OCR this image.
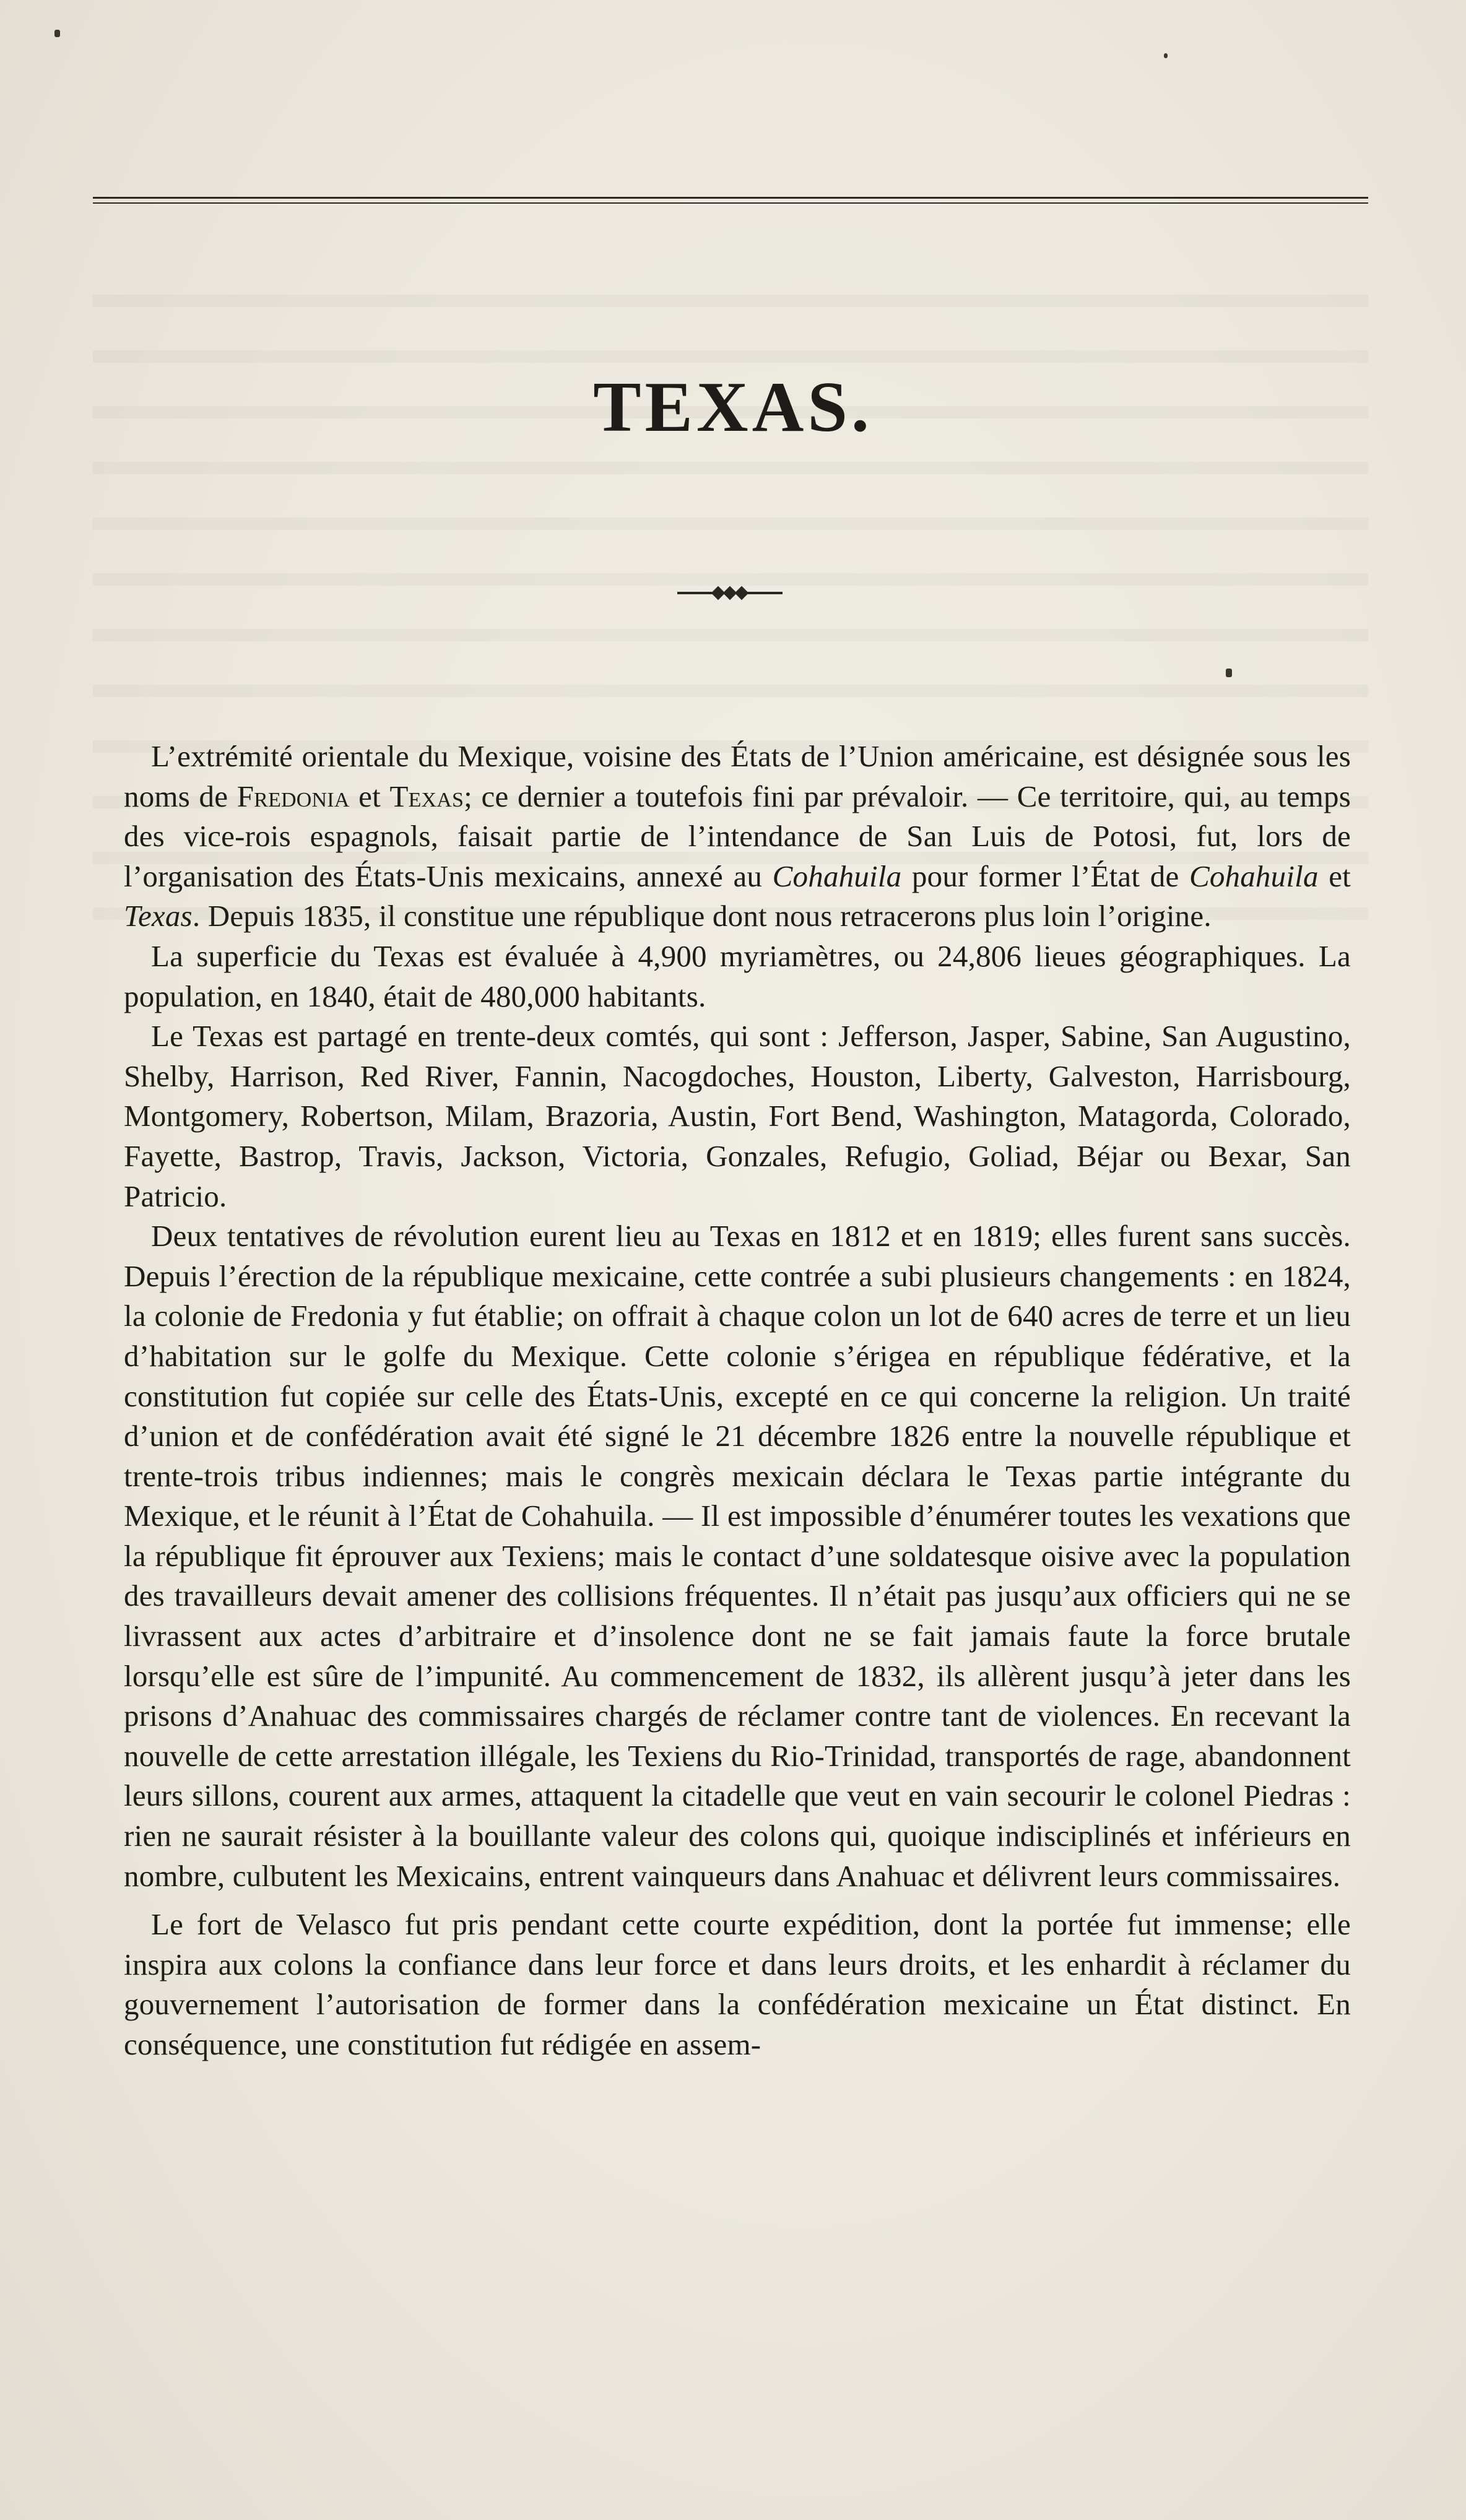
TEXAS.

L’extrémité orientale du Mexique, voisine des États de l’Union américaine, est désignée sous les noms de Fredonia et Texas; ce dernier a toutefois fini par prévaloir. — Ce territoire, qui, au temps des vice-rois espagnols, faisait partie de l’intendance de San Luis de Potosi, fut, lors de l’organisation des États-Unis mexicains, annexé au Cohahuila pour former l’État de Cohahuila et Texas. Depuis 1835, il constitue une république dont nous retracerons plus loin l’origine.

La superficie du Texas est évaluée à 4,900 myriamètres, ou 24,806 lieues géographiques. La population, en 1840, était de 480,000 habitants.

Le Texas est partagé en trente-deux comtés, qui sont : Jefferson, Jasper, Sabine, San Augustino, Shelby, Harrison, Red River, Fannin, Nacogdoches, Houston, Liberty, Galveston, Harrisbourg, Montgomery, Robertson, Milam, Brazoria, Austin, Fort Bend, Washington, Matagorda, Colorado, Fayette, Bastrop, Travis, Jackson, Victoria, Gonzales, Refugio, Goliad, Béjar ou Bexar, San Patricio.

Deux tentatives de révolution eurent lieu au Texas en 1812 et en 1819; elles furent sans succès. Depuis l’érection de la république mexicaine, cette contrée a subi plusieurs changements : en 1824, la colonie de Fredonia y fut établie; on offrait à chaque colon un lot de 640 acres de terre et un lieu d’habitation sur le golfe du Mexique. Cette colonie s’érigea en république fédérative, et la constitution fut copiée sur celle des États-Unis, excepté en ce qui concerne la religion. Un traité d’union et de confédération avait été signé le 21 décembre 1826 entre la nouvelle république et trente-trois tribus indiennes; mais le congrès mexicain déclara le Texas partie intégrante du Mexique, et le réunit à l’État de Cohahuila. — Il est impossible d’énumérer toutes les vexations que la république fit éprouver aux Texiens; mais le contact d’une soldatesque oisive avec la population des travailleurs devait amener des collisions fréquentes. Il n’était pas jusqu’aux officiers qui ne se livrassent aux actes d’arbitraire et d’insolence dont ne se fait jamais faute la force brutale lorsqu’elle est sûre de l’impunité. Au commencement de 1832, ils allèrent jusqu’à jeter dans les prisons d’Anahuac des commissaires chargés de réclamer contre tant de violences. En recevant la nouvelle de cette arrestation illégale, les Texiens du Rio-Trinidad, transportés de rage, abandonnent leurs sillons, courent aux armes, attaquent la citadelle que veut en vain secourir le colonel Piedras : rien ne saurait résister à la bouillante valeur des colons qui, quoique indisciplinés et inférieurs en nombre, culbutent les Mexicains, entrent vainqueurs dans Anahuac et délivrent leurs commissaires.

Le fort de Velasco fut pris pendant cette courte expédition, dont la portée fut immense; elle inspira aux colons la confiance dans leur force et dans leurs droits, et les enhardit à réclamer du gouvernement l’autorisation de former dans la confédération mexicaine un État distinct. En conséquence, une constitution fut rédigée en assem-
